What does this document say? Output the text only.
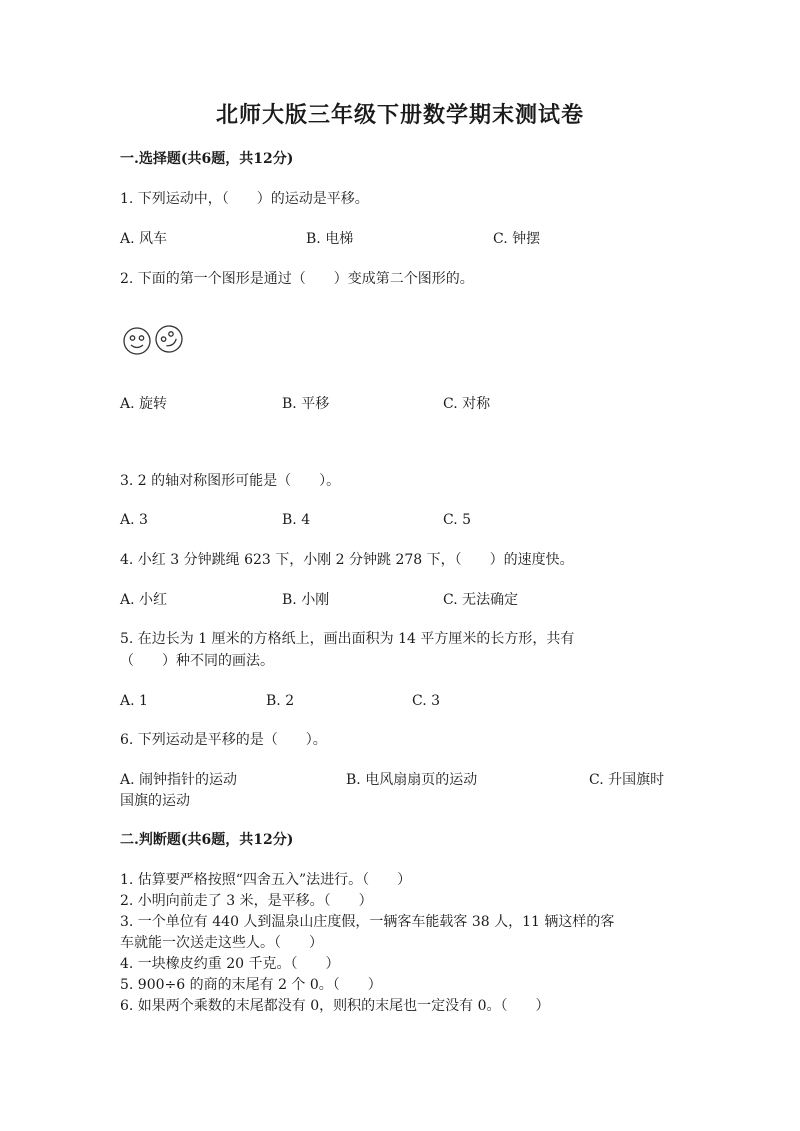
北师大版三年级下册数学期末测试卷
一.选择题(共6题，共12分)
1. 下列运动中，（　　）的运动是平移。
A. 风车	B. 电梯	C. 钟摆
2. 下面的第一个图形是通过（　　）变成第二个图形的。
A. 旋转	B. 平移	C. 对称
3. 2 的轴对称图形可能是（　　）。
A. 3	B. 4	C. 5
4. 小红 3 分钟跳绳 623 下，小刚 2 分钟跳 278 下，（　　）的速度快。
A. 小红	B. 小刚	C. 无法确定
5. 在边长为 1 厘米的方格纸上，画出面积为 14 平方厘米的长方形，共有
（　　）种不同的画法。
A. 1	B. 2	C. 3
6. 下列运动是平移的是（　　）。
A. 闹钟指针的运动	B. 电风扇扇页的运动	C. 升国旗时
国旗的运动
二.判断题(共6题，共12分)
1. 估算要严格按照“四舍五入”法进行。（　　）
2. 小明向前走了 3 米，是平移。（　　）
3. 一个单位有 440 人到温泉山庄度假，一辆客车能载客 38 人，11 辆这样的客
车就能一次送走这些人。（　　）
4. 一块橡皮约重 20 千克。（　　）
5. 900÷6 的商的末尾有 2 个 0。（　　）
6. 如果两个乘数的末尾都没有 0，则积的末尾也一定没有 0。（　　）
